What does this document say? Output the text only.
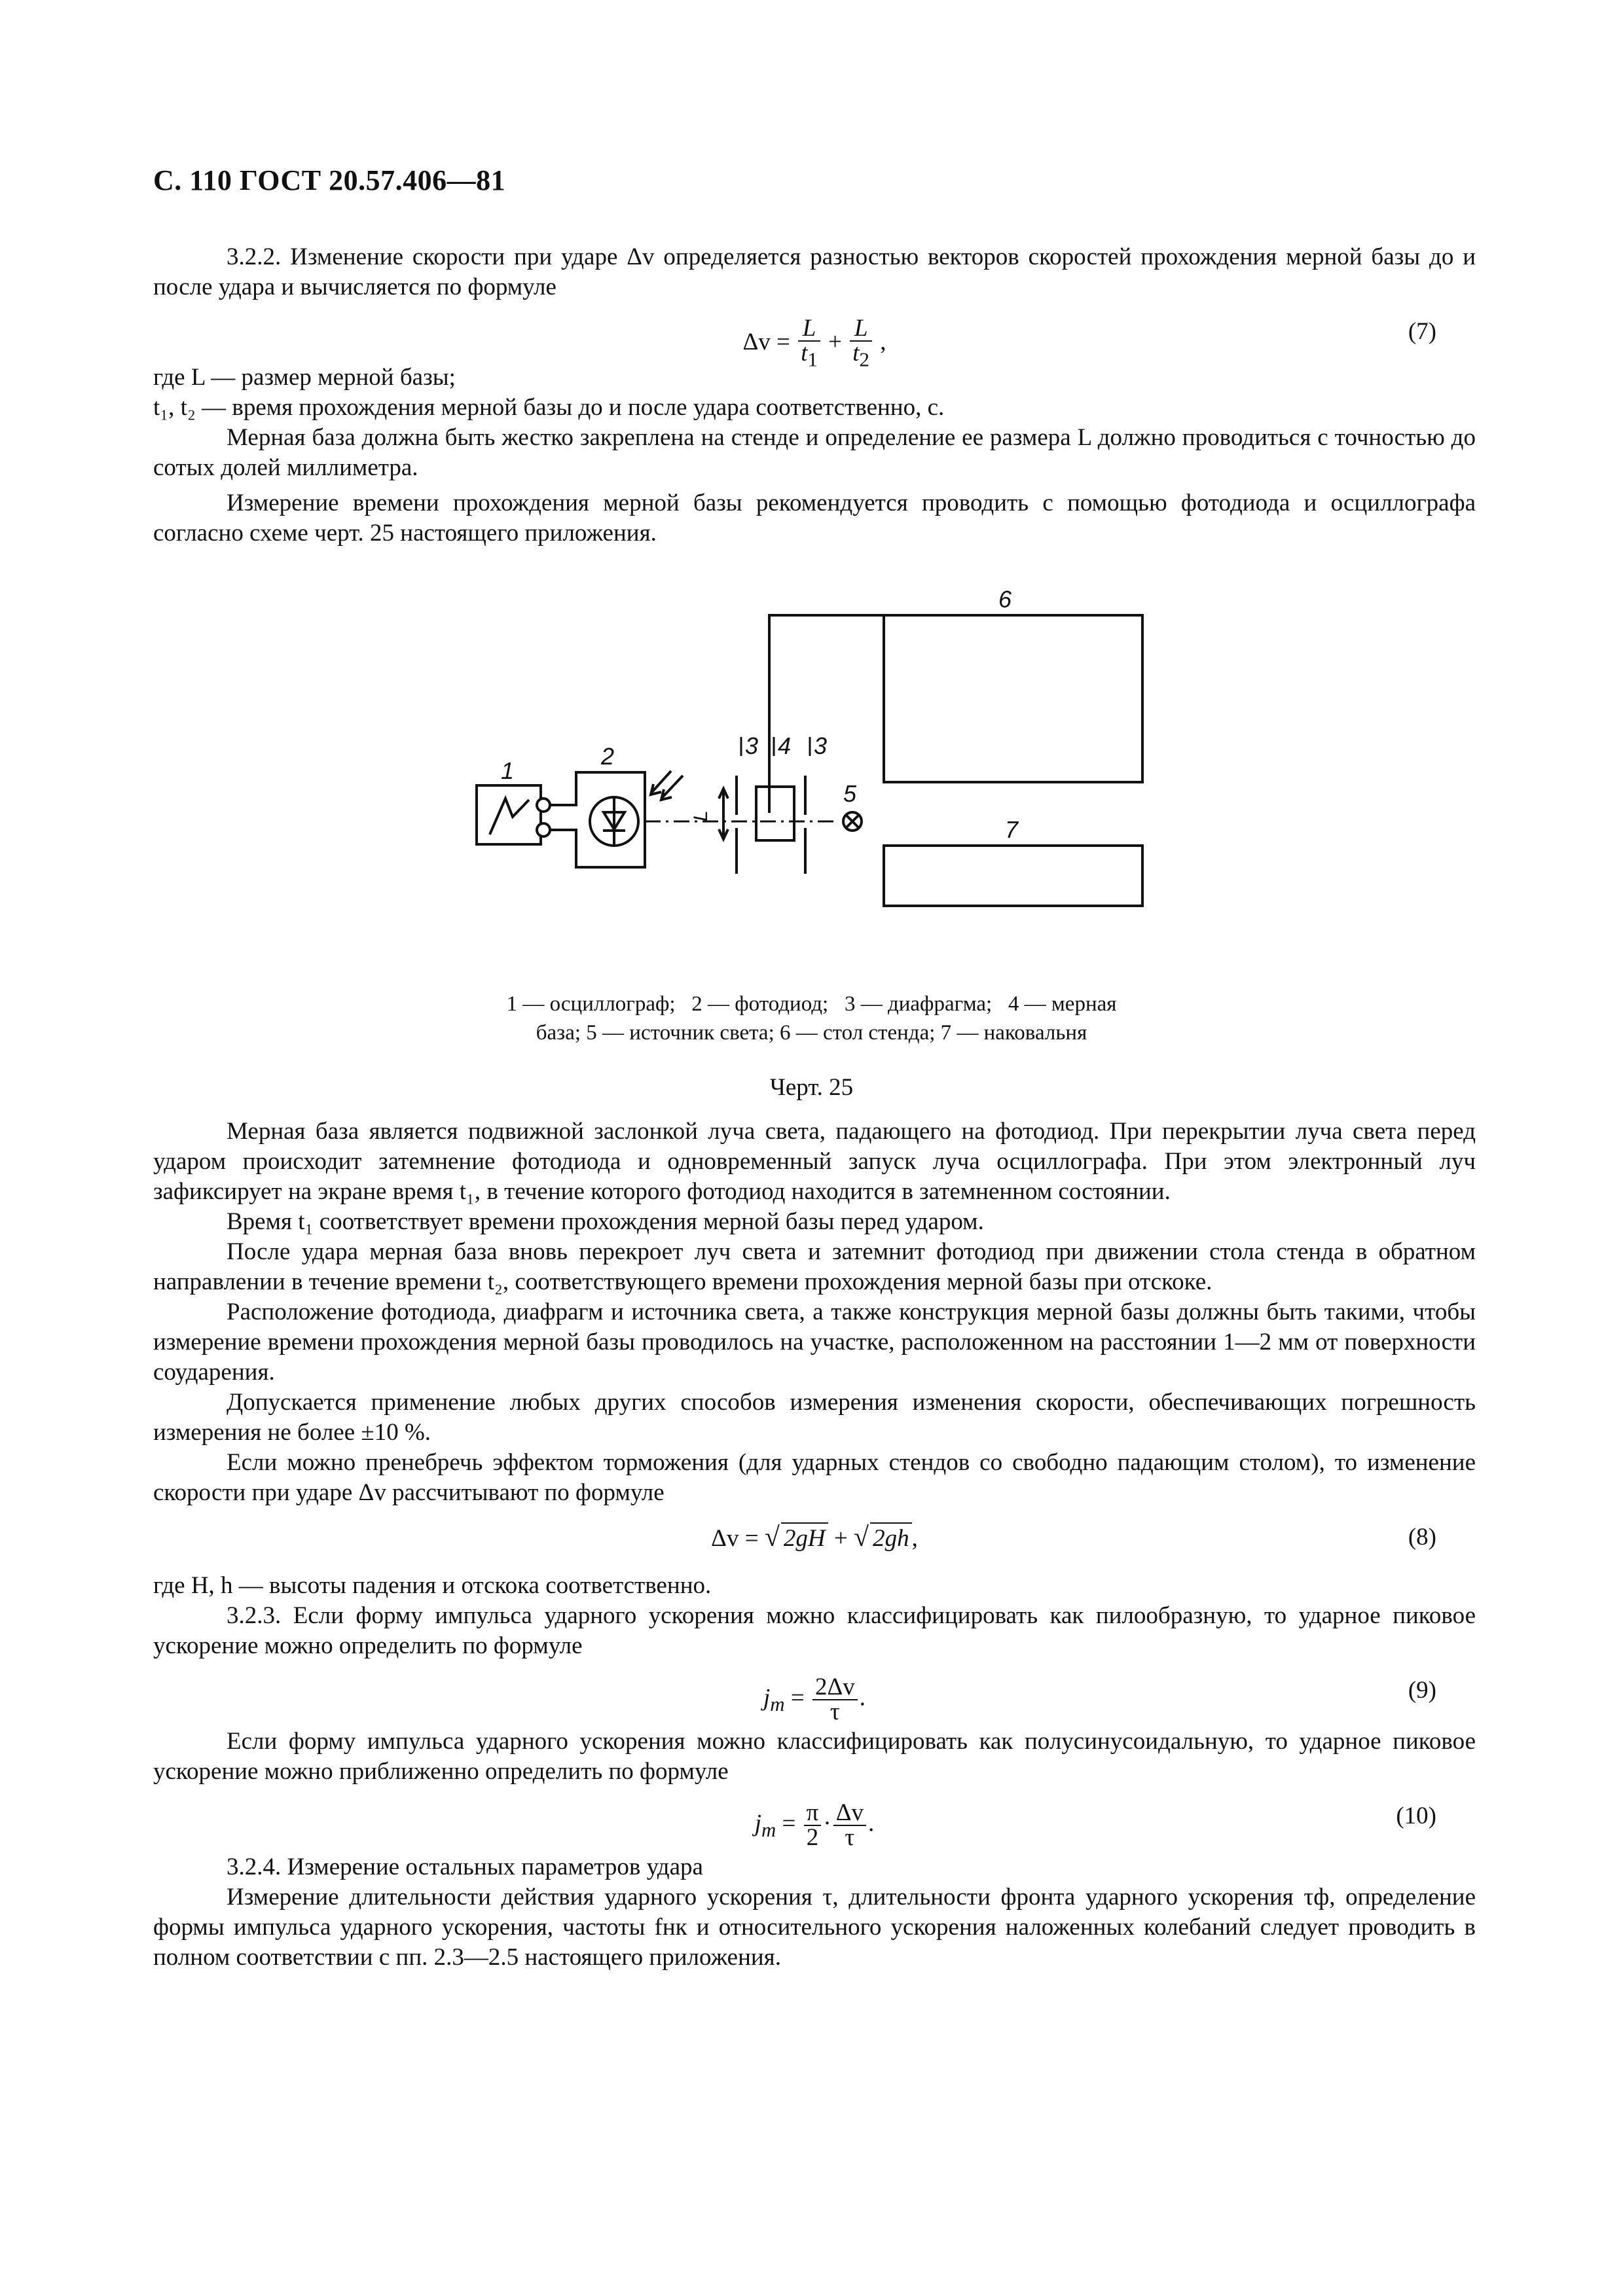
С. 110 ГОСТ 20.57.406—81

3.2.2. Изменение скорости при ударе Δv определяется разностью векторов скоростей прохождения мерной базы до и после удара и вычисляется по формуле

$\Delta v = \frac{L}{t_1} + \frac{L}{t_2}$ ,	(7)

где L — размер мерной базы;

t₁, t₂ — время прохождения мерной базы до и после удара соответственно, с.

Мерная база должна быть жестко закреплена на стенде и определение ее размера L должно проводиться с точностью до сотых долей миллиметра.

Измерение времени прохождения мерной базы рекомендуется проводить с помощью фотодиода и осциллографа согласно схеме черт. 25 настоящего приложения.

1
2	3 4 3
5
6
7
L
1 — осциллограф;   2 — фотодиод;   3 — диафрагма;   4 — мерная
база; 5 — источник света; 6 — стол стенда; 7 — наковальня
Черт. 25

Мерная база является подвижной заслонкой луча света, падающего на фотодиод. При перекрытии луча света перед ударом происходит затемнение фотодиода и одновременный запуск луча осциллографа. При этом электронный луч зафиксирует на экране время t₁, в течение которого фотодиод находится в затемненном состоянии.

Время t₁ соответствует времени прохождения мерной базы перед ударом.

После удара мерная база вновь перекроет луч света и затемнит фотодиод при движении стола стенда в обратном направлении в течение времени t₂, соответствующего времени прохождения мерной базы при отскоке.

Расположение фотодиода, диафрагм и источника света, а также конструкция мерной базы должны быть такими, чтобы измерение времени прохождения мерной базы проводилось на участке, расположенном на расстоянии 1—2 мм от поверхности соударения.

Допускается применение любых других способов измерения изменения скорости, обеспечивающих погрешность измерения не более ±10 %.

Если можно пренебречь эффектом торможения (для ударных стендов со свободно падающим столом), то изменение скорости при ударе Δv рассчитывают по формуле

Δv = √ 2gH + √ 2gh ,	(8)

где H, h — высоты падения и отскока соответственно.

3.2.3. Если форму импульса ударного ускорения можно классифицировать как пилообразную, то ударное пиковое ускорение можно определить по формуле

$j_m = \frac{2\Delta v}{\tau}$ .	(9)

Если форму импульса ударного ускорения можно классифицировать как полусинусоидальную, то ударное пиковое ускорение можно приближенно определить по формуле

$j_m = \frac{\pi}{2} \cdot \frac{\Delta v}{\tau}$ .	(10)

3.2.4. Измерение остальных параметров удара

Измерение длительности действия ударного ускорения τ, длительности фронта ударного ускорения τф, определение формы импульса ударного ускорения, частоты fнк и относительного ускорения наложенных колебаний следует проводить в полном соответствии с пп. 2.3—2.5 настоящего приложения.
